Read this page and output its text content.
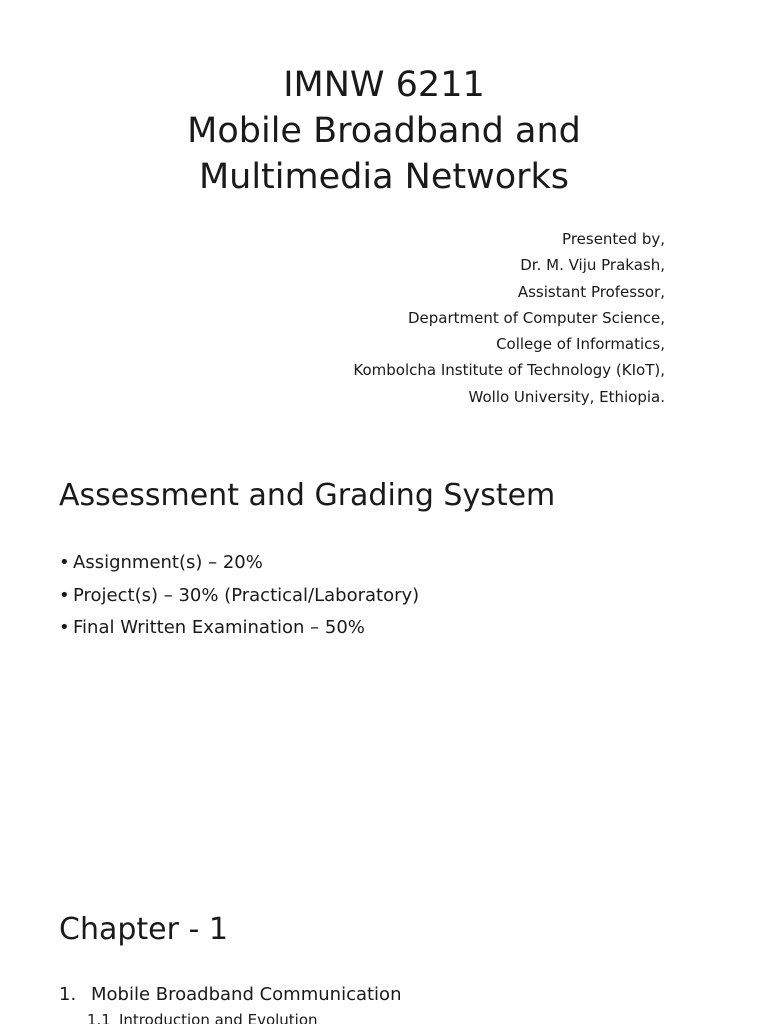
IMNW 6211
Mobile Broadband and
Multimedia Networks
Presented by,
Dr. M. Viju Prakash,
Assistant Professor,
Department of Computer Science,
College of Informatics,
Kombolcha Institute of Technology (KIoT),
Wollo University, Ethiopia.
Assessment and Grading System
• Assignment(s) – 20%
• Project(s) – 30% (Practical/Laboratory)
• Final Written Examination – 50%
Chapter - 1
1. Mobile Broadband Communication
1.1 Introduction and Evolution
